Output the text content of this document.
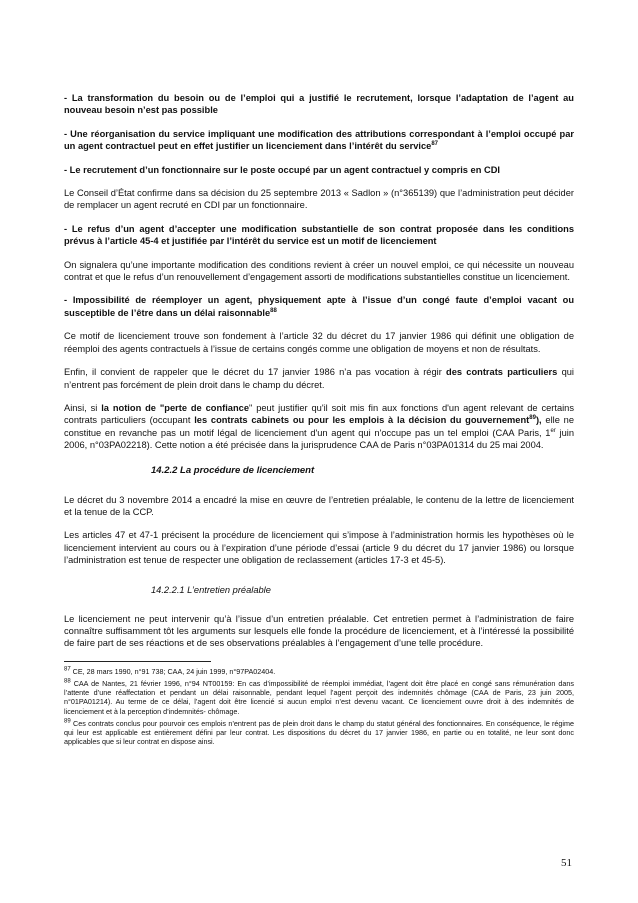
- La transformation du besoin ou de l’emploi qui a justifié le recrutement, lorsque l’adaptation de l’agent au nouveau besoin n’est pas possible

- Une réorganisation du service impliquant une modification des attributions correspondant à l’emploi occupé par un agent contractuel peut en effet justifier un licenciement dans l’intérêt du service$^{87}$

- Le recrutement d’un fonctionnaire sur le poste occupé par un agent contractuel y compris en CDI

Le Conseil d’État confirme dans sa décision du 25 septembre 2013 « Sadlon » (n°365139) que l’administration peut décider de remplacer un agent recruté en CDI par un fonctionnaire.

- Le refus d’un agent d’accepter une modification substantielle de son contrat proposée dans les conditions prévus à l’article 45-4 et justifiée par l’intérêt du service est un motif de licenciement

On signalera qu’une importante modification des conditions revient à créer un nouvel emploi, ce qui nécessite un nouveau contrat et que le refus d’un renouvellement d’engagement assorti de modifications substantielles constitue un licenciement.

- Impossibilité de réemployer un agent, physiquement apte à l’issue d’un congé faute d’emploi vacant ou susceptible de l’être dans un délai raisonnable$^{88}$

Ce motif de licenciement trouve son fondement à l’article 32 du décret du 17 janvier 1986 qui définit une obligation de réemploi des agents contractuels à l’issue de certains congés comme une obligation de moyens et non de résultats.

Enfin, il convient de rappeler que le décret du 17 janvier 1986 n’a pas vocation à régir des contrats particuliers qui n’entrent pas forcément de plein droit dans le champ du décret.

Ainsi, si la notion de "perte de confiance" peut justifier qu'il soit mis fin aux fonctions d'un agent relevant de certains contrats particuliers (occupant les contrats cabinets ou pour les emplois à la décision du gouvernement$^{89}$), elle ne constitue en revanche pas un motif légal de licenciement d'un agent qui n'occupe pas un tel emploi (CAA Paris, 1er juin 2006, n°03PA02218). Cette notion a été précisée dans la jurisprudence CAA de Paris n°03PA01314 du 25 mai 2004.

14.2.2 La procédure de licenciement

Le décret du 3 novembre 2014 a encadré la mise en œuvre de l’entretien préalable, le contenu de la lettre de licenciement et la tenue de la CCP.

Les articles 47 et 47-1 précisent la procédure de licenciement qui s’impose à l’administration hormis les hypothèses où le licenciement intervient au cours ou à l’expiration d’une période d’essai (article 9 du décret du 17 janvier 1986) ou lorsque l’administration est tenue de respecter une obligation de reclassement (articles 17-3 et 45-5).

14.2.2.1 L’entretien préalable

Le licenciement ne peut intervenir qu’à l’issue d’un entretien préalable. Cet entretien permet à l’administration de faire connaître suffisamment tôt les arguments sur lesquels elle fonde la procédure de licenciement, et à l’intéressé la possibilité de faire part de ses réactions et de ses observations préalables à l’engagement d’une telle procédure.

$^{87}$ CE, 28 mars 1990, n°91 738; CAA, 24 juin 1999, n°97PA02404.
$^{88}$ CAA de Nantes, 21 février 1996, n°94 NT00159: En cas d’impossibilité de réemploi immédiat, l’agent doit être placé en congé sans rémunération dans l’attente d’une réaffectation et pendant un délai raisonnable, pendant lequel l’agent perçoit des indemnités chômage (CAA de Paris, 23 juin 2005, n°01PA01214). Au terme de ce délai, l’agent doit être licencié si aucun emploi n’est devenu vacant. Ce licenciement ouvre droit à des indemnités de licenciement et à la perception d’indemnités- chômage.
$^{89}$ Ces contrats conclus pour pourvoir ces emplois n’entrent pas de plein droit dans le champ du statut général des fonctionnaires. En conséquence, le régime qui leur est applicable est entièrement défini par leur contrat. Les dispositions du décret du 17 janvier 1986, en partie ou en totalité, ne leur sont donc applicables que si leur contrat en dispose ainsi.
51
